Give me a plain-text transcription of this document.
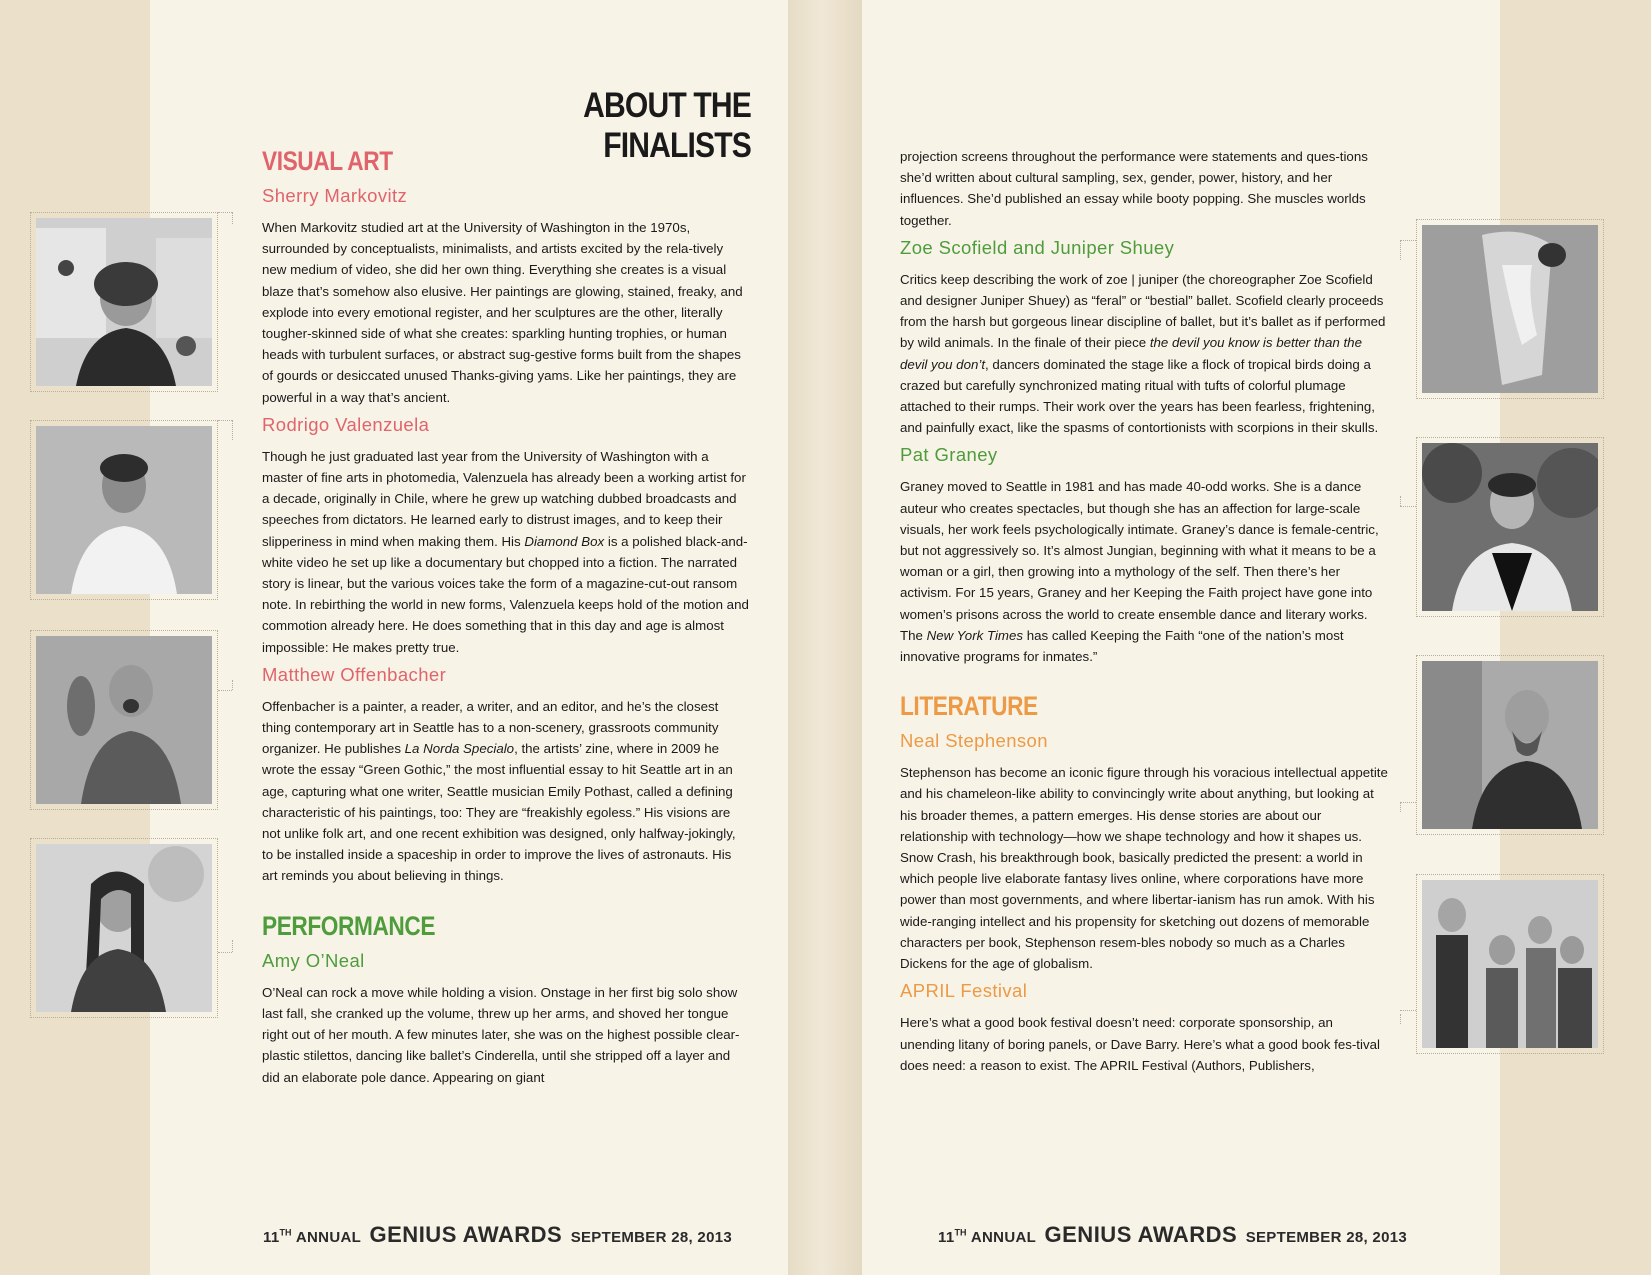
ABOUT THE FINALISTS
VISUAL ART
Sherry Markovitz

When Markovitz studied art at the University of Washington in the 1970s, surrounded by conceptualists, minimalists, and artists excited by the rela-tively new medium of video, she did her own thing. Everything she creates is a visual blaze that’s somehow also elusive. Her paintings are glowing, stained, freaky, and explode into every emotional register, and her sculptures are the other, literally tougher-skinned side of what she creates: sparkling hunting trophies, or human heads with turbulent surfaces, or abstract sug-gestive forms built from the shapes of gourds or desiccated unused Thanks-giving yams. Like her paintings, they are powerful in a way that’s ancient.

Rodrigo Valenzuela

Though he just graduated last year from the University of Washington with a master of fine arts in photomedia, Valenzuela has already been a working artist for a decade, originally in Chile, where he grew up watching dubbed broadcasts and speeches from dictators. He learned early to distrust images, and to keep their slipperiness in mind when making them. His Diamond Box is a polished black-and-white video he set up like a documentary but chopped into a fiction. The narrated story is linear, but the various voices take the form of a magazine-cut-out ransom note. In rebirthing the world in new forms, Valenzuela keeps hold of the motion and commotion already here. He does something that in this day and age is almost impossible: He makes pretty true.

Matthew Offenbacher

Offenbacher is a painter, a reader, a writer, and an editor, and he’s the closest thing contemporary art in Seattle has to a non-scenery, grassroots community organizer. He publishes La Norda Specialo, the artists’ zine, where in 2009 he wrote the essay “Green Gothic,” the most influential essay to hit Seattle art in an age, capturing what one writer, Seattle musician Emily Pothast, called a defining characteristic of his paintings, too: They are “freakishly egoless.” His visions are not unlike folk art, and one recent exhibition was designed, only halfway-jokingly, to be installed inside a spaceship in order to improve the lives of astronauts. His art reminds you about believing in things.

PERFORMANCE
Amy O’Neal

O’Neal can rock a move while holding a vision. Onstage in her first big solo show last fall, she cranked up the volume, threw up her arms, and shoved her tongue right out of her mouth. A few minutes later, she was on the highest possible clear-plastic stilettos, dancing like ballet’s Cinderella, until she stripped off a layer and did an elaborate pole dance. Appearing on giant

projection screens throughout the performance were statements and ques-tions she’d written about cultural sampling, sex, gender, power, history, and her influences. She’d published an essay while booty popping. She muscles worlds together.

Zoe Scofield and Juniper Shuey

Critics keep describing the work of zoe | juniper (the choreographer Zoe Scofield and designer Juniper Shuey) as “feral” or “bestial” ballet. Scofield clearly proceeds from the harsh but gorgeous linear discipline of ballet, but it’s ballet as if performed by wild animals. In the finale of their piece the devil you know is better than the devil you don’t, dancers dominated the stage like a flock of tropical birds doing a crazed but carefully synchronized mating ritual with tufts of colorful plumage attached to their rumps. Their work over the years has been fearless, frightening, and painfully exact, like the spasms of contortionists with scorpions in their skulls.

Pat Graney

Graney moved to Seattle in 1981 and has made 40-odd works. She is a dance auteur who creates spectacles, but though she has an affection for large-scale visuals, her work feels psychologically intimate. Graney’s dance is female-centric, but not aggressively so. It’s almost Jungian, beginning with what it means to be a woman or a girl, then growing into a mythology of the self. Then there’s her activism. For 15 years, Graney and her Keeping the Faith project have gone into women’s prisons across the world to create ensemble dance and literary works. The New York Times has called Keeping the Faith “one of the nation’s most innovative programs for inmates.”

LITERATURE
Neal Stephenson

Stephenson has become an iconic figure through his voracious intellectual appetite and his chameleon-like ability to convincingly write about anything, but looking at his broader themes, a pattern emerges. His dense stories are about our relationship with technology—how we shape technology and how it shapes us. Snow Crash, his breakthrough book, basically predicted the present: a world in which people live elaborate fantasy lives online, where corporations have more power than most governments, and where libertar-ianism has run amok. With his wide-ranging intellect and his propensity for sketching out dozens of memorable characters per book, Stephenson resem-bles nobody so much as a Charles Dickens for the age of globalism.

APRIL Festival

Here’s what a good book festival doesn’t need: corporate sponsorship, an unending litany of boring panels, or Dave Barry. Here’s what a good book fes-tival does need: a reason to exist. The APRIL Festival (Authors, Publishers,

11TH ANNUAL GENIUS AWARDS SEPTEMBER 28, 2013	11TH ANNUAL GENIUS AWARDS SEPTEMBER 28, 2013
